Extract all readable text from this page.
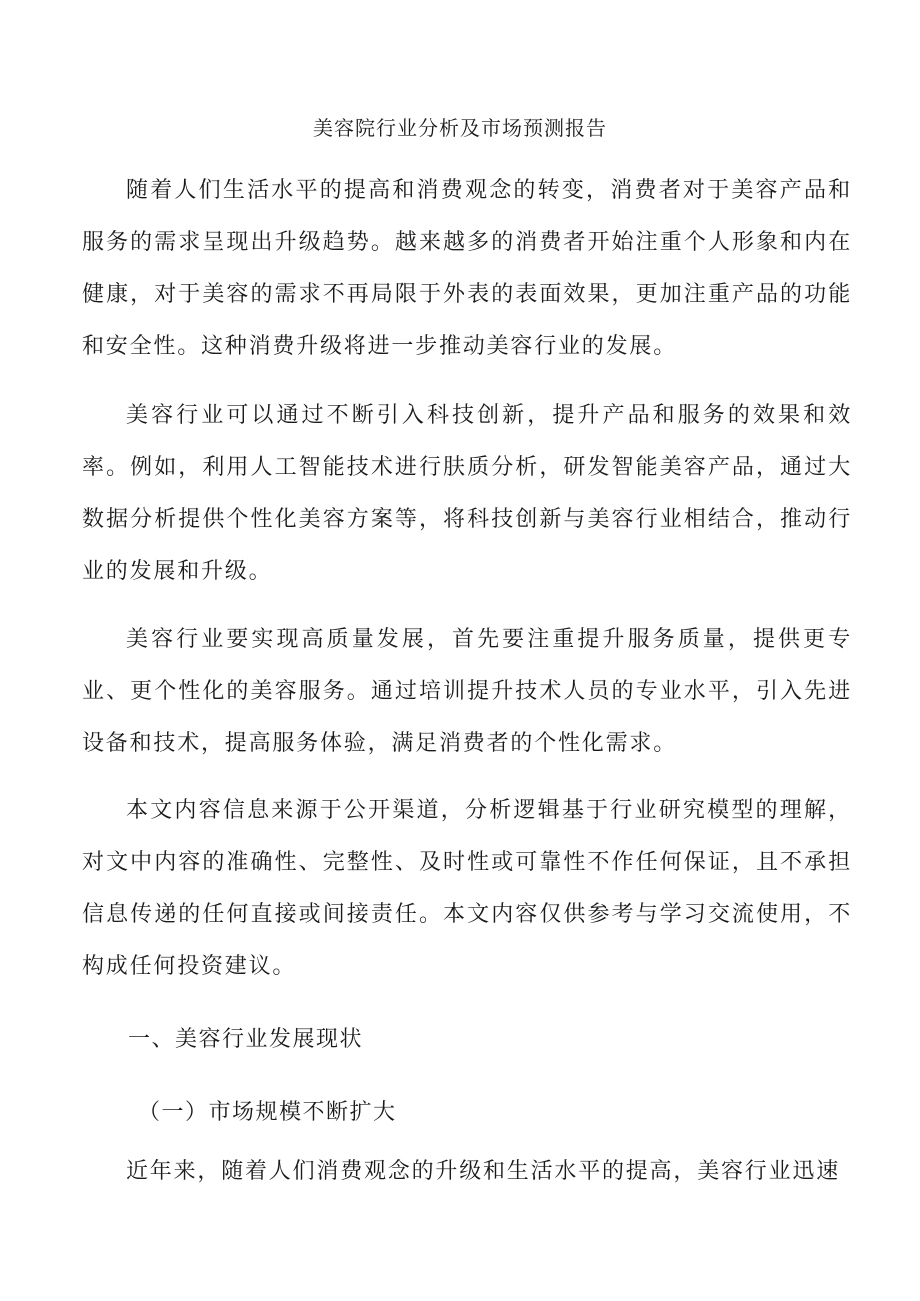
美容院行业分析及市场预测报告

随着人们生活水平的提高和消费观念的转变，消费者对于美容产品和服务的需求呈现出升级趋势。越来越多的消费者开始注重个人形象和内在健康，对于美容的需求不再局限于外表的表面效果，更加注重产品的功能和安全性。这种消费升级将进一步推动美容行业的发展。

美容行业可以通过不断引入科技创新，提升产品和服务的效果和效率。例如，利用人工智能技术进行肤质分析，研发智能美容产品，通过大数据分析提供个性化美容方案等，将科技创新与美容行业相结合，推动行业的发展和升级。

美容行业要实现高质量发展，首先要注重提升服务质量，提供更专业、更个性化的美容服务。通过培训提升技术人员的专业水平，引入先进设备和技术，提高服务体验，满足消费者的个性化需求。

本文内容信息来源于公开渠道，分析逻辑基于行业研究模型的理解，对文中内容的准确性、完整性、及时性或可靠性不作任何保证，且不承担信息传递的任何直接或间接责任。本文内容仅供参考与学习交流使用，不构成任何投资建议。

一、美容行业发展现状

（一）市场规模不断扩大

近年来，随着人们消费观念的升级和生活水平的提高，美容行业迅速
